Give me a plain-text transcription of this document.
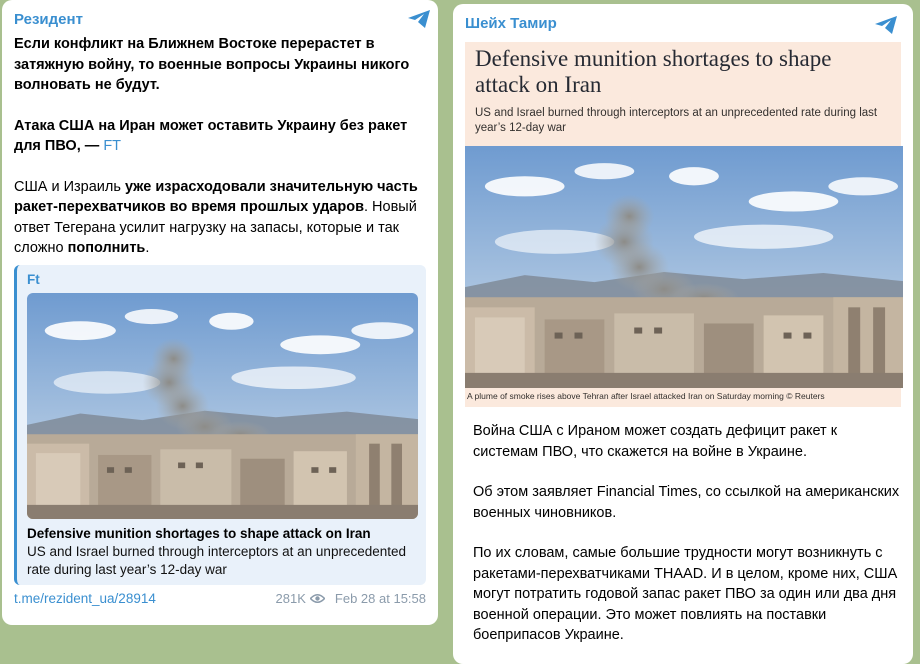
Резидент

Если конфликт на Ближнем Востоке перерастет в затяжную войну, то военные вопросы Украины никого волновать не будут.

Атака США на Иран может оставить Украину без ракет для ПВО, — FT

США и Израиль уже израсходовали значительную часть ракет-перехватчиков во время прошлых ударов. Новый ответ Тегерана усилит нагрузку на запасы, которые и так сложно пополнить.

Ft
Defensive munition shortages to shape attack on Iran
US and Israel burned through interceptors at an unprecedented rate during last year’s 12-day war
t.me/rezident_ua/28914	281K Feb 28 at 15:58
Шейх Тамир
Defensive munition shortages to shape attack on Iran
US and Israel burned through interceptors at an unprecedented rate during last year’s 12-day war
A plume of smoke rises above Tehran after Israel attacked Iran on Saturday morning © Reuters

Война США с Ираном может создать дефицит ракет к системам ПВО, что скажется на войне в Украине.

Об этом заявляет Financial Times, со ссылкой на американских военных чиновников.

По их словам, самые большие трудности могут возникнуть с ракетами-перехватчиками THAAD. И в целом, кроме них, США могут потратить годовой запас ракет ПВО за один или два дня военной операции. Это может повлиять на поставки боеприпасов Украине.
